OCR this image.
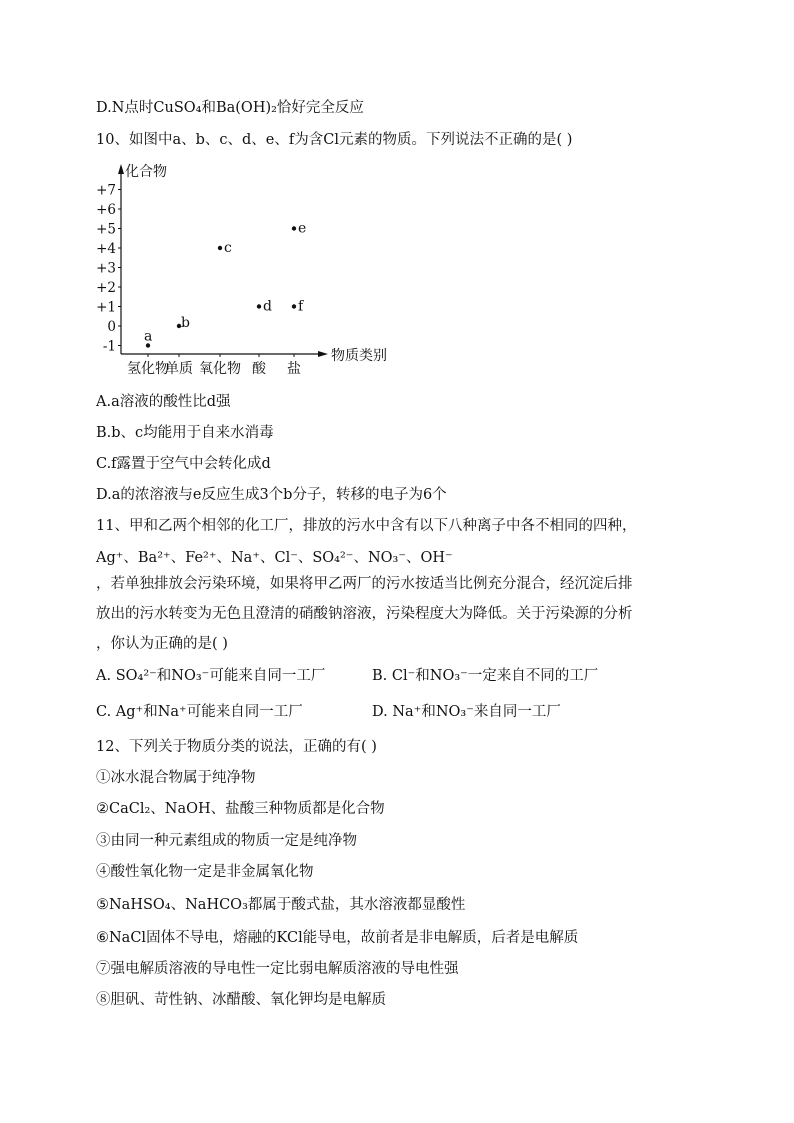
D.N点时CuSO₄和Ba(OH)₂恰好完全反应
10、如图中a、b、c、d、e、f为含Cl元素的物质。下列说法不正确的是( )
化合物
物质类别
+7
+6
+5
+4
+3
+2
+1
0
-1
氢化物
单质 氧化物 酸 盐
a
b
c
d
e
f
A.a溶液的酸性比d强
B.b、c均能用于自来水消毒
C.f露置于空气中会转化成d
D.a的浓溶液与e反应生成3个b分子，转移的电子为6个
11、甲和乙两个相邻的化工厂，排放的污水中含有以下八种离子中各不相同的四种，
Ag⁺、Ba²⁺、Fe²⁺、Na⁺、Cl⁻、SO₄²⁻、NO₃⁻、OH⁻
，若单独排放会污染环境，如果将甲乙两厂的污水按适当比例充分混合，经沉淀后排
放出的污水转变为无色且澄清的硝酸钠溶液，污染程度大为降低。关于污染源的分析
，你认为正确的是( )
A. SO₄²⁻和NO₃⁻可能来自同一工厂	B. Cl⁻和NO₃⁻一定来自不同的工厂
C. Ag⁺和Na⁺可能来自同一工厂	D. Na⁺和NO₃⁻来自同一工厂
12、下列关于物质分类的说法，正确的有( )
①冰水混合物属于纯净物
②CaCl₂、NaOH、盐酸三种物质都是化合物
③由同一种元素组成的物质一定是纯净物
④酸性氧化物一定是非金属氧化物
⑤NaHSO₄、NaHCO₃都属于酸式盐，其水溶液都显酸性
⑥NaCl固体不导电，熔融的KCl能导电，故前者是非电解质，后者是电解质
⑦强电解质溶液的导电性一定比弱电解质溶液的导电性强
⑧胆矾、苛性钠、冰醋酸、氧化钾均是电解质
